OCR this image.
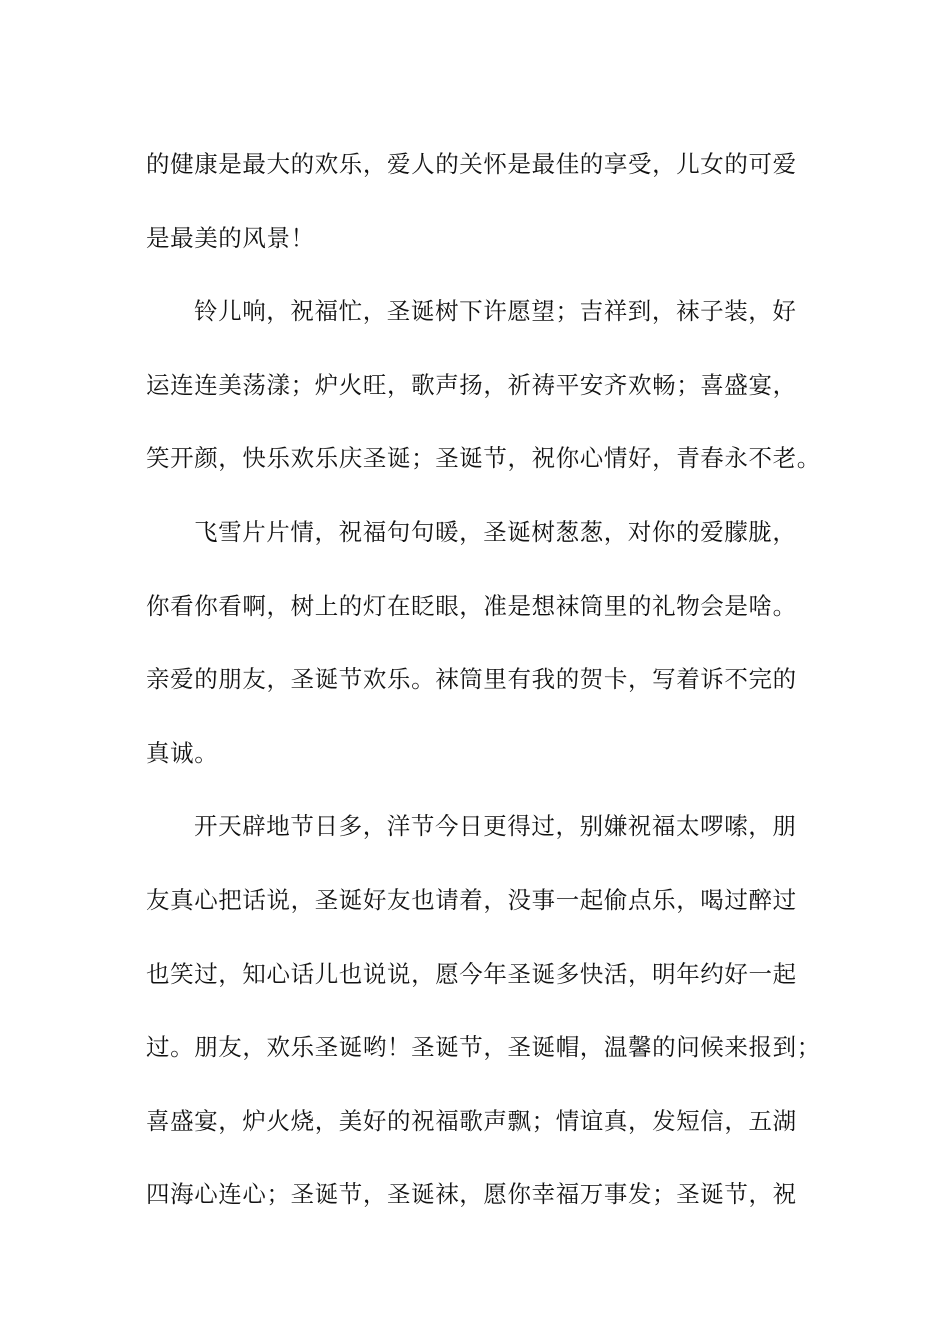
的健康是最大的欢乐，爱人的关怀是最佳的享受，儿女的可爱
是最美的风景！
铃儿响，祝福忙，圣诞树下许愿望；吉祥到，袜子装，好
运连连美荡漾；炉火旺，歌声扬，祈祷平安齐欢畅；喜盛宴，
笑开颜，快乐欢乐庆圣诞；圣诞节，祝你心情好，青春永不老。
飞雪片片情，祝福句句暖，圣诞树葱葱，对你的爱朦胧，
你看你看啊，树上的灯在眨眼，准是想袜筒里的礼物会是啥。
亲爱的朋友，圣诞节欢乐。袜筒里有我的贺卡，写着诉不完的
真诚。
开天辟地节日多，洋节今日更得过，别嫌祝福太啰嗦，朋
友真心把话说，圣诞好友也请着，没事一起偷点乐，喝过醉过
也笑过，知心话儿也说说，愿今年圣诞多快活，明年约好一起
过。朋友，欢乐圣诞哟！圣诞节，圣诞帽，温馨的问候来报到；
喜盛宴，炉火烧，美好的祝福歌声飘；情谊真，发短信，五湖
四海心连心；圣诞节，圣诞袜，愿你幸福万事发；圣诞节，祝
